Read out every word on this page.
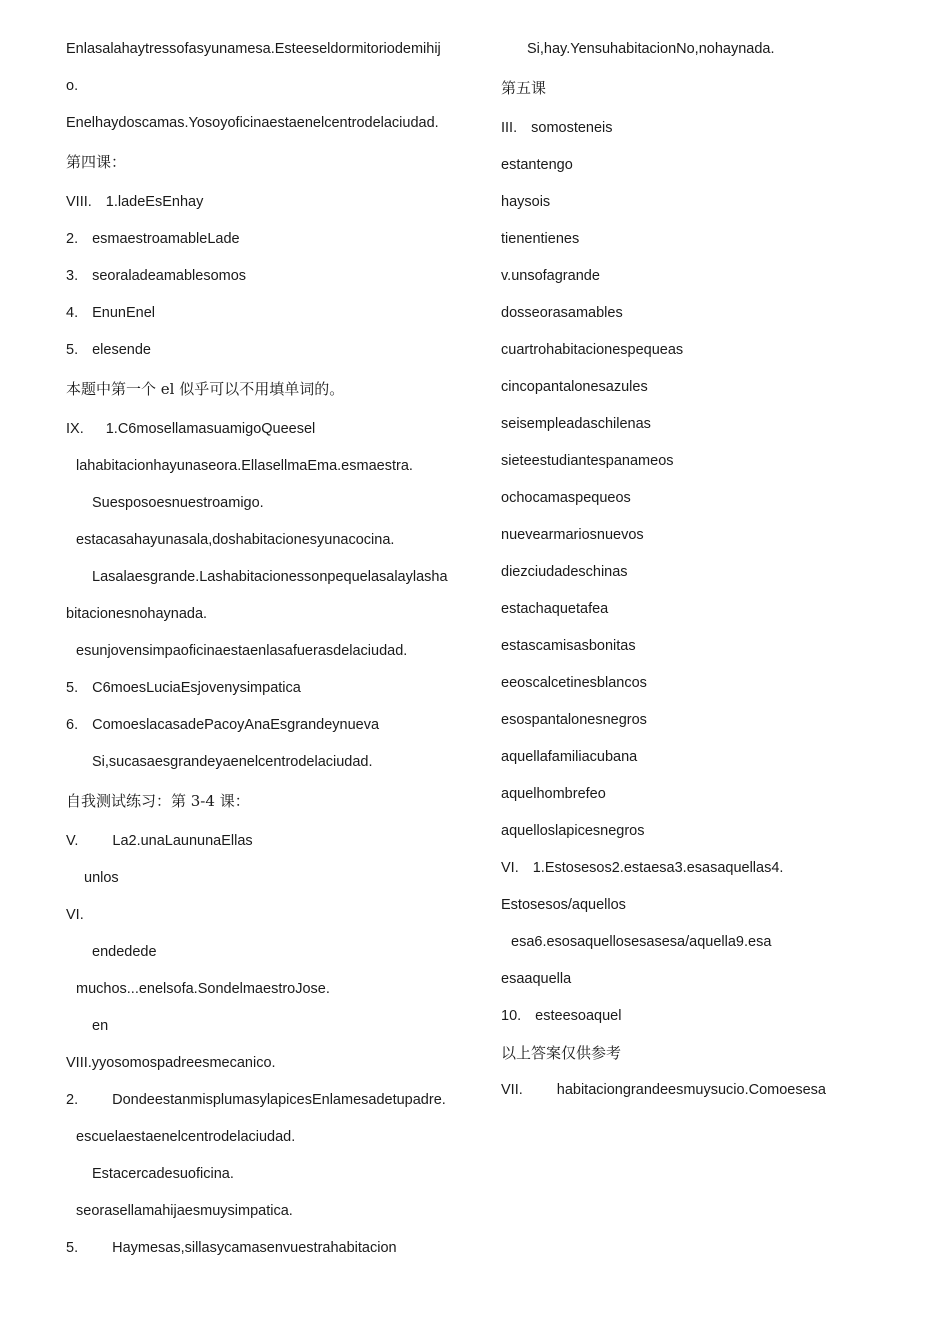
Enlasalahaytressofasyunamesa.Esteeseldormitoriodemihij
o.
Enelhaydoscamas.Yosoyoficinaestaenelcentrodelaciudad.
第四课：
VIII. 1.ladeEsEnhay
2. esmaestroamableLade
3. seoraladeamablesomos
4. EnunEnel
5. elesende
本题中第一个 el 似乎可以不用填单词的。
IX. 1.C6mosellamasuamigoQueesel
lahabitacionhayunaseora.EllasellmaEma.esmaestra.
Suesposoesnuestroamigo.
estacasahayunasala,doshabitacionesyunacocina.
Lasalaesgrande.Lashabitacionessonpequelasalaylasha
bitacionesnohaynada.
esunjovensimpaoficinaestaenlasafuerasdelaciudad.
5. C6moesLuciaEsjovenysimpatica
6. ComoeslacasadePacoyAnaEsgrandeynueva
Si,sucasaesgrandeyaenelcentrodelaciudad.
自我测试练习：第 3-4 课：
V. La2.unaLaununaEllas
unlos
VI.
endedede
muchos...enelsofa.SondelmaestroJose.
en
VIII.yyosomospadreesmecanico.
2. DondeestanmisplumasylapicesEnlamesadetupadre.
escuelaestaenelcentrodelaciudad.
Estacercadesuoficina.
seorasellamahijaesmuysimpatica.
5. Haymesas,sillasycamasenvuestrahabitacion
Si,hay.YensuhabitacionNo,nohaynada.
第五课
III. somosteneis
estantengo
haysois
tienentienes
v.unsofagrande
dosseorasamables
cuartrohabitacionespequeas
cincopantalonesazules
seisempleadaschilenas
sieteestudiantespanameos
ochocamaspequeos
nuevearmariosnuevos
diezciudadeschinas
estachaquetafea
estascamisasbonitas
eeoscalcetinesblancos
esospantalonesnegros
aquellafamiliacubana
aquelhombrefeo
aquelloslapicesnegros
VI. 1.Estosesos2.estaesa3.esasaquellas4.
Estosesos/aquellos
esa6.esosaquellosesasesa/aquella9.esa
esaaquella
10. esteesoaquel
以上答案仅供参考
VII. habitaciongrandeesmuysucio.Comoesesa
